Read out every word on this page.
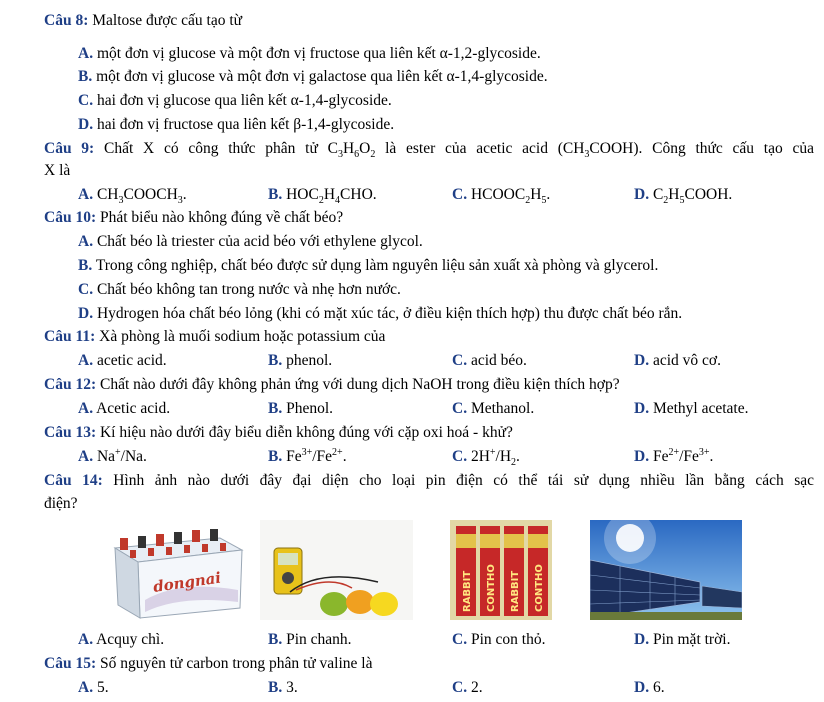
Câu 8: Maltose được cấu tạo từ
A. một đơn vị glucose và một đơn vị fructose qua liên kết α-1,2-glycoside.
B. một đơn vị glucose và một đơn vị galactose qua liên kết α-1,4-glycoside.
C. hai đơn vị glucose qua liên kết α-1,4-glycoside.
D. hai đơn vị fructose qua liên kết β-1,4-glycoside.
Câu 9: Chất X có công thức phân tử $C_3H_6O_2$ là ester của acetic acid $(CH_3COOH)$. Công thức cấu tạo của
X là
A. $CH_3COOCH_3$.	B. $HOC_2H_4CHO$.	C. $HCOOC_2H_5$.	D. $C_2H_5COOH$.
Câu 10: Phát biểu nào không đúng về chất béo?
A. Chất béo là triester của acid béo với ethylene glycol.
B. Trong công nghiệp, chất béo được sử dụng làm nguyên liệu sản xuất xà phòng và glycerol.
C. Chất béo không tan trong nước và nhẹ hơn nước.
D. Hydrogen hóa chất béo lỏng (khi có mặt xúc tác, ở điều kiện thích hợp) thu được chất béo rắn.
Câu 11: Xà phòng là muối sodium hoặc potassium của
A. acetic acid.	B. phenol.	C. acid béo.	D. acid vô cơ.
Câu 12: Chất nào dưới đây không phản ứng với dung dịch NaOH trong điều kiện thích hợp?
A. Acetic acid.	B. Phenol.	C. Methanol.	D. Methyl acetate.
Câu 13: Kí hiệu nào dưới đây biểu diễn không đúng với cặp oxi hoá - khử?
A. Na+/Na.	B. $Fe^{3+}/Fe^{2+}$.	C. $2H^+/H_2$.	D. $Fe^{2+}/Fe^{3+}$.
Câu 14: Hình ảnh nào dưới đây đại diện cho loại pin điện có thể tái sử dụng nhiều lần bằng cách sạc
điện?
dongnai	RABBIT CONTHO RABBIT CONTHO
A. Acquy chì.	B. Pin chanh.	C. Pin con thỏ.	D. Pin mặt trời.
Câu 15: Số nguyên tử carbon trong phân tử valine là
A. 5.	B. 3.	C. 2.	D. 6.
